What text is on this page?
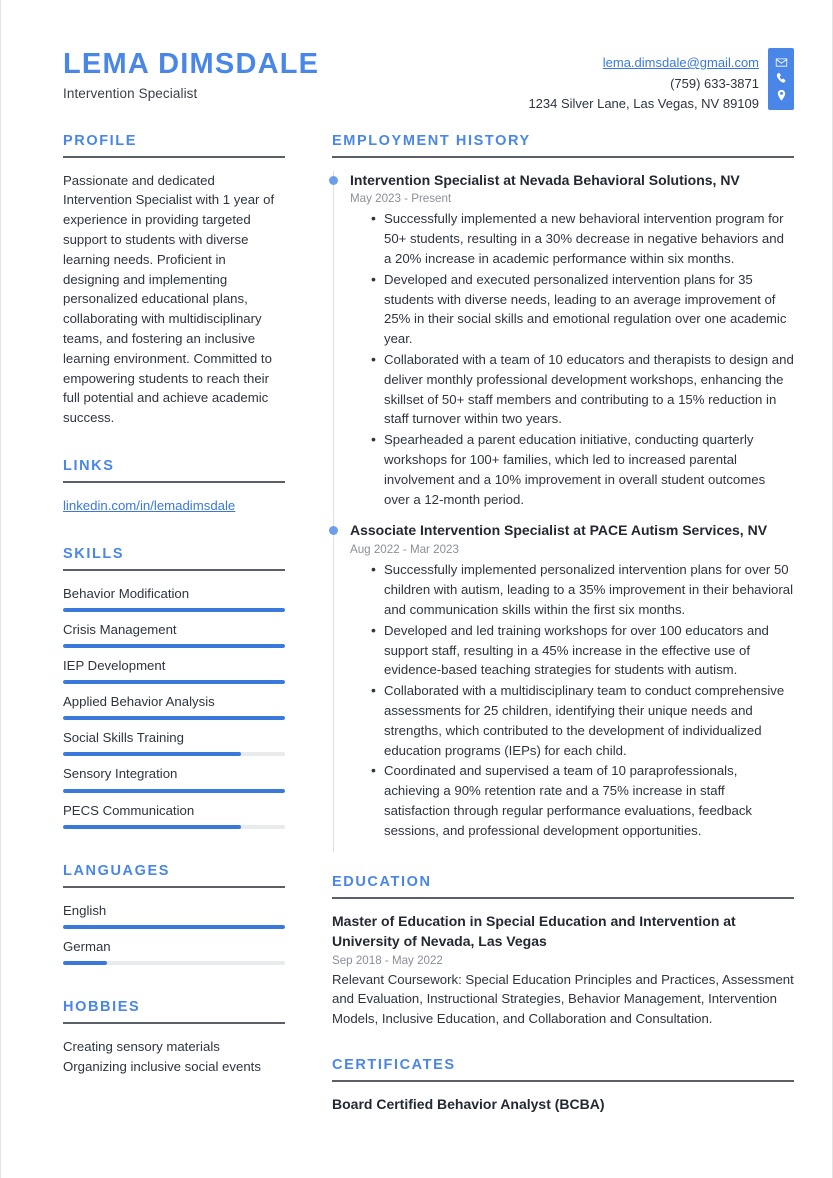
LEMA DIMSDALE
Intervention Specialist
lema.dimsdale@gmail.com
(759) 633-3871
1234 Silver Lane, Las Vegas, NV 89109
PROFILE
Passionate and dedicated Intervention Specialist with 1 year of experience in providing targeted support to students with diverse learning needs. Proficient in designing and implementing personalized educational plans, collaborating with multidisciplinary teams, and fostering an inclusive learning environment. Committed to empowering students to reach their full potential and achieve academic success.
LINKS
linkedin.com/in/lemadimsdale
SKILLS
Behavior Modification
Crisis Management
IEP Development
Applied Behavior Analysis
Social Skills Training
Sensory Integration
PECS Communication
LANGUAGES
English
German
HOBBIES
Creating sensory materials
Organizing inclusive social events
EMPLOYMENT HISTORY
Intervention Specialist at Nevada Behavioral Solutions, NV
May 2023 - Present
• Successfully implemented a new behavioral intervention program for 50+ students, resulting in a 30% decrease in negative behaviors and a 20% increase in academic performance within six months.
• Developed and executed personalized intervention plans for 35 students with diverse needs, leading to an average improvement of 25% in their social skills and emotional regulation over one academic year.
• Collaborated with a team of 10 educators and therapists to design and deliver monthly professional development workshops, enhancing the skillset of 50+ staff members and contributing to a 15% reduction in staff turnover within two years.
• Spearheaded a parent education initiative, conducting quarterly workshops for 100+ families, which led to increased parental involvement and a 10% improvement in overall student outcomes over a 12-month period.
Associate Intervention Specialist at PACE Autism Services, NV
Aug 2022 - Mar 2023
• Successfully implemented personalized intervention plans for over 50 children with autism, leading to a 35% improvement in their behavioral and communication skills within the first six months.
• Developed and led training workshops for over 100 educators and support staff, resulting in a 45% increase in the effective use of evidence-based teaching strategies for students with autism.
• Collaborated with a multidisciplinary team to conduct comprehensive assessments for 25 children, identifying their unique needs and strengths, which contributed to the development of individualized education programs (IEPs) for each child.
• Coordinated and supervised a team of 10 paraprofessionals, achieving a 90% retention rate and a 75% increase in staff satisfaction through regular performance evaluations, feedback sessions, and professional development opportunities.
EDUCATION
Master of Education in Special Education and Intervention at University of Nevada, Las Vegas
Sep 2018 - May 2022
Relevant Coursework: Special Education Principles and Practices, Assessment and Evaluation, Instructional Strategies, Behavior Management, Intervention Models, Inclusive Education, and Collaboration and Consultation.
CERTIFICATES
Board Certified Behavior Analyst (BCBA)
